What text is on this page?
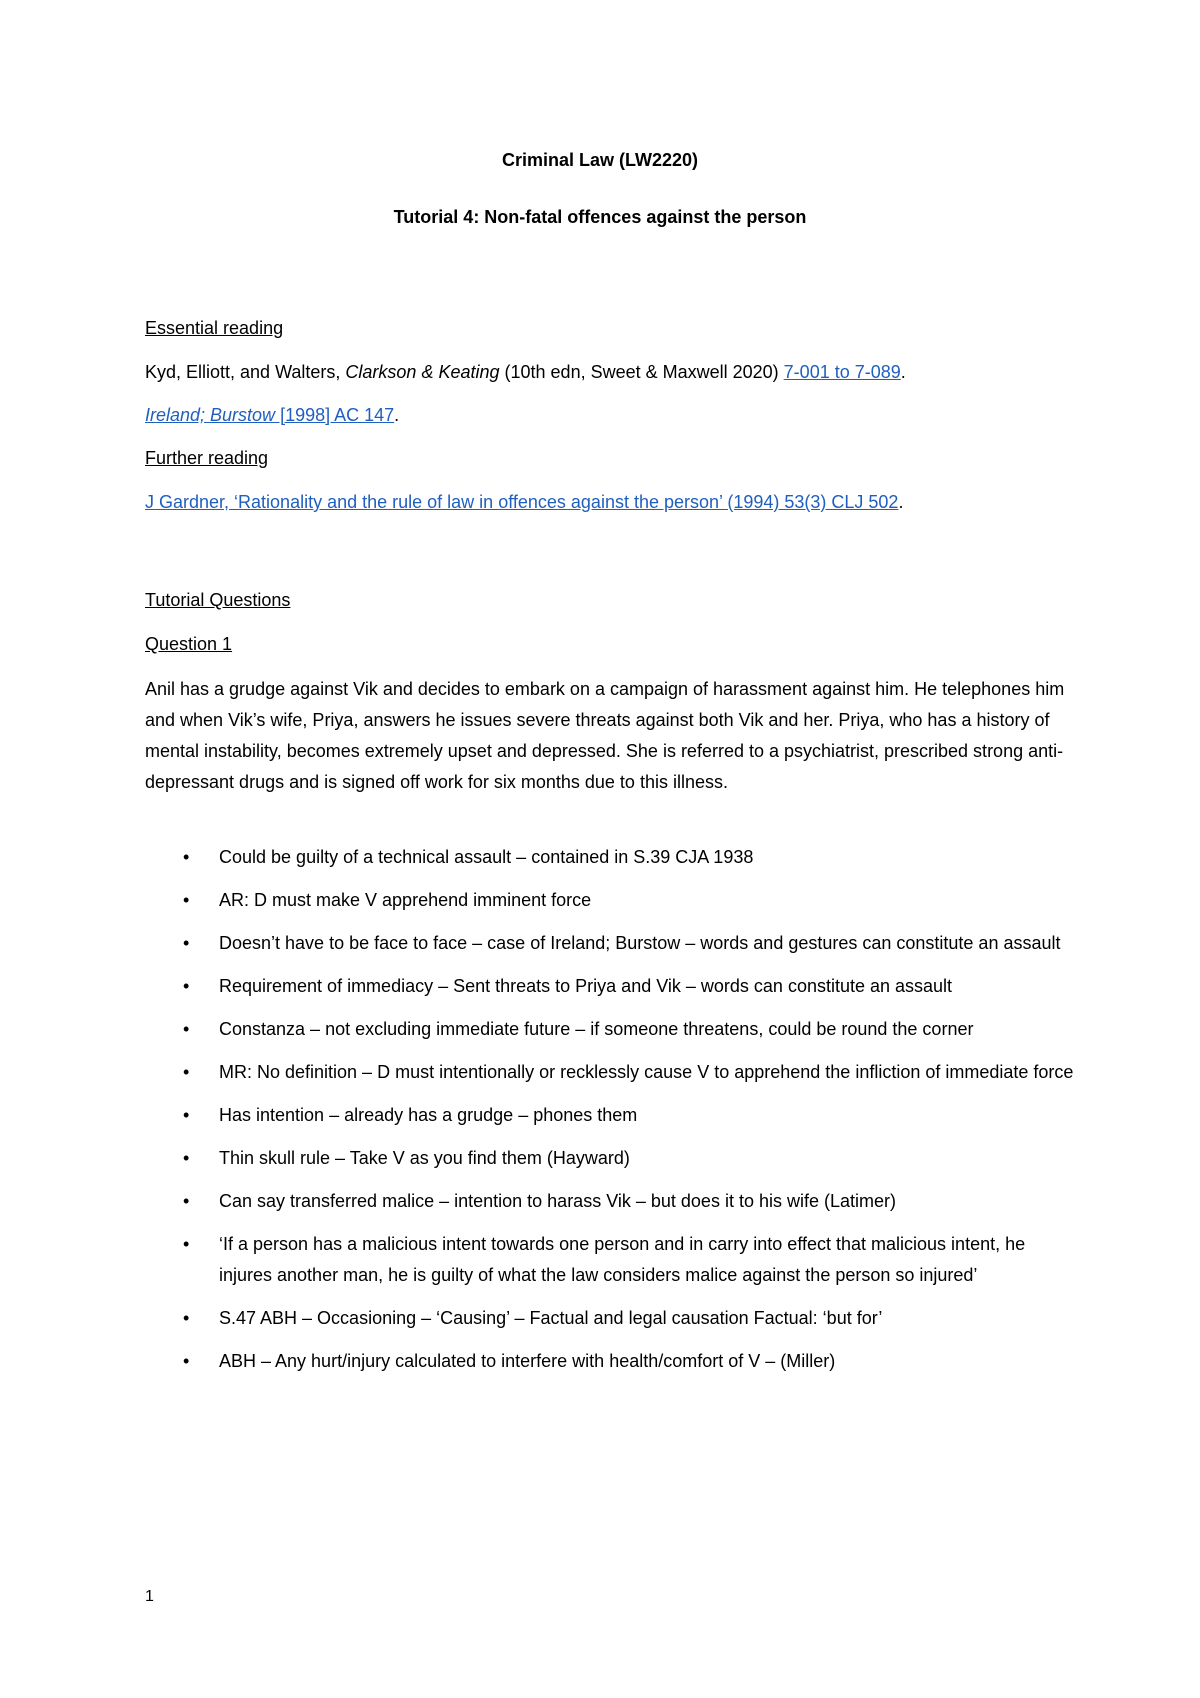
Criminal Law (LW2220)
Tutorial 4: Non-fatal offences against the person
Essential reading
Kyd, Elliott, and Walters, Clarkson & Keating (10th edn, Sweet & Maxwell 2020) 7-001 to 7-089.
Ireland; Burstow [1998] AC 147.
Further reading
J Gardner, ‘Rationality and the rule of law in offences against the person’ (1994) 53(3) CLJ 502.
Tutorial Questions
Question 1
Anil has a grudge against Vik and decides to embark on a campaign of harassment against him. He telephones him and when Vik’s wife, Priya, answers he issues severe threats against both Vik and her. Priya, who has a history of mental instability, becomes extremely upset and depressed. She is referred to a psychiatrist, prescribed strong anti-depressant drugs and is signed off work for six months due to this illness.
• Could be guilty of a technical assault – contained in S.39 CJA 1938
• AR: D must make V apprehend imminent force
• Doesn’t have to be face to face – case of Ireland; Burstow – words and gestures can constitute an assault
• Requirement of immediacy – Sent threats to Priya and Vik – words can constitute an assault
• Constanza – not excluding immediate future – if someone threatens, could be round the corner
• MR: No definition – D must intentionally or recklessly cause V to apprehend the infliction of immediate force
• Has intention – already has a grudge – phones them
• Thin skull rule – Take V as you find them (Hayward)
• Can say transferred malice – intention to harass Vik – but does it to his wife (Latimer)
• ‘If a person has a malicious intent towards one person and in carry into effect that malicious intent, he injures another man, he is guilty of what the law considers malice against the person so injured’
• S.47 ABH – Occasioning – ‘Causing’ – Factual and legal causation Factual: ‘but for’
• ABH – Any hurt/injury calculated to interfere with health/comfort of V – (Miller)
1
